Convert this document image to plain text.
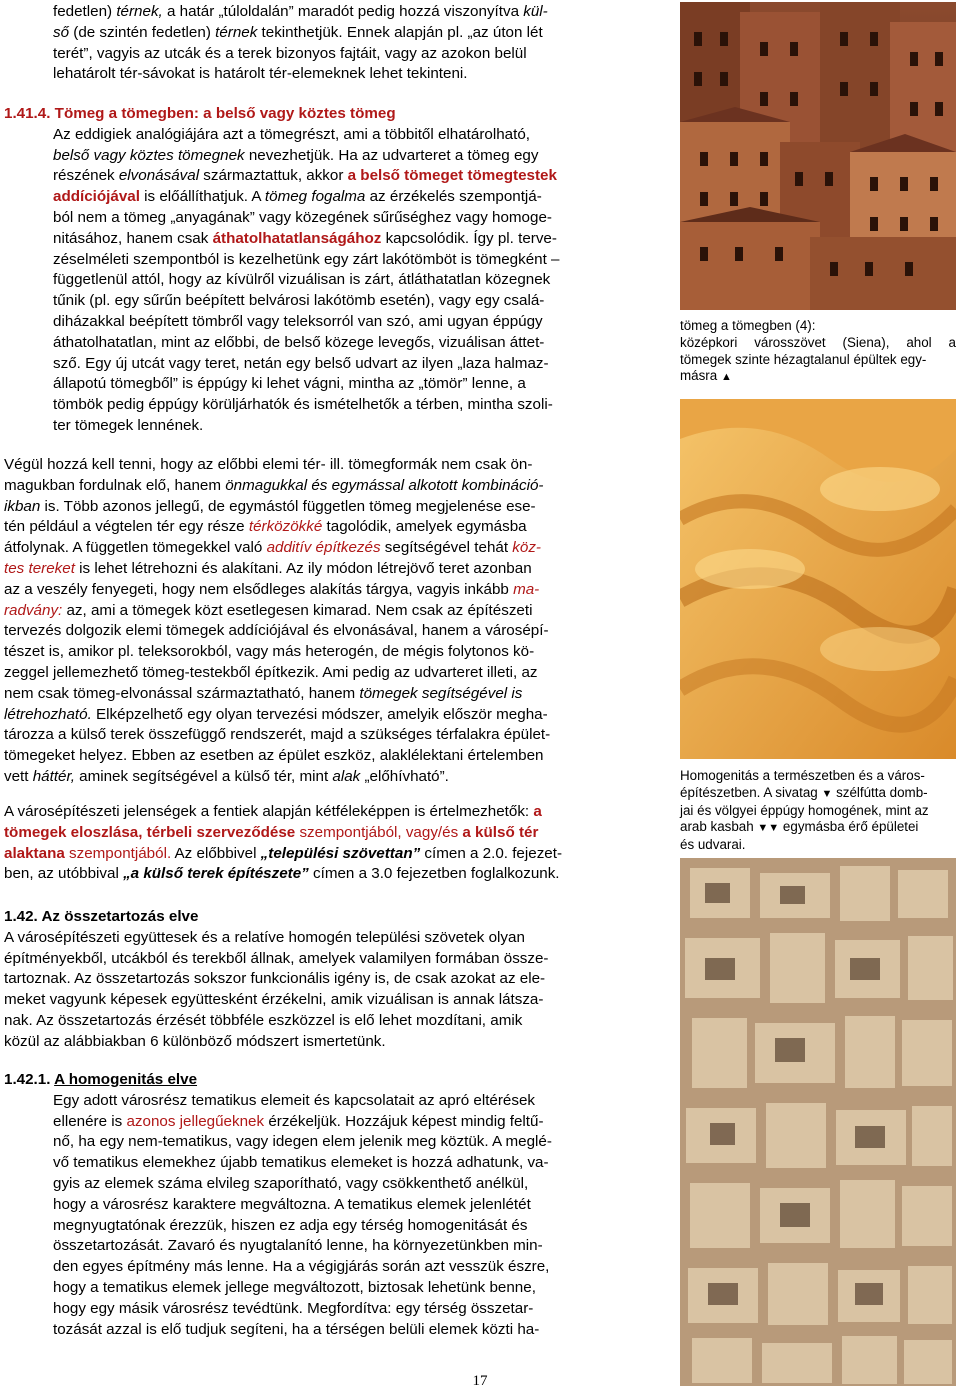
fedetlen) térnek, a határ „túloldalán” maradót pedig hozzá viszonyítva kül-

ső (de szintén fedetlen) térnek tekinthetjük. Ennek alapján pl. „az úton lét

terét”, vagyis az utcák és a terek bizonyos fajtáit, vagy az azokon belül

lehatárolt tér-sávokat is határolt tér-elemeknek lehet tekinteni.

1.41.4. Tömeg a tömegben: a belső vagy köztes tömeg

Az eddigiek analógiájára azt a tömegrészt, ami a többitől elhatárolható,

belső vagy köztes tömegnek nevezhetjük. Ha az udvarteret a tömeg egy

részének elvonásával származtattuk, akkor a belső tömeget tömegtestek

addíciójával is előállíthatjuk. A tömeg fogalma az érzékelés szempontjá-

ból nem a tömeg „anyagának” vagy közegének sűrűséghez vagy homoge-

nitásához, hanem csak áthatolhatatlanságához kapcsolódik. Így pl. terve-

zéselméleti szempontból is kezelhetünk egy zárt lakótömböt is tömegként –

függetlenül attól, hogy az kívülről vizuálisan is zárt, átláthatatlan közegnek

tűnik (pl. egy sűrűn beépített belvárosi lakótömb esetén), vagy egy csalá-

diházakkal beépített tömbről vagy teleksorról van szó, ami ugyan éppúgy

áthatolhatatlan, mint az előbbi, de belső közege levegős, vizuálisan áttet-

sző. Egy új utcát vagy teret, netán egy belső udvart az ilyen „laza halmaz-

állapotú tömegből” is éppúgy ki lehet vágni, mintha az „tömör” lenne, a

tömbök pedig éppúgy körüljárhatók és ismételhetők a térben, mintha szoli-

ter tömegek lennének.

Végül hozzá kell tenni, hogy az előbbi elemi tér- ill. tömegformák nem csak ön-

magukban fordulnak elő, hanem önmagukkal és egymással alkotott kombináció-

ikban is. Több azonos jellegű, de egymástól független tömeg megjelenése ese-

tén például a végtelen tér egy része térközökké tagolódik, amelyek egymásba

átfolynak. A független tömegekkel való additív építkezés segítségével tehát köz-

tes tereket is lehet létrehozni és alakítani. Az ily módon létrejövő teret azonban

az a veszély fenyegeti, hogy nem elsődleges alakítás tárgya, vagyis inkább ma-

radvány: az, ami a tömegek közt esetlegesen kimarad. Nem csak az építészeti

tervezés dolgozik elemi tömegek addíciójával és elvonásával, hanem a városépí-

tészet is, amikor pl. teleksorokból, vagy más heterogén, de mégis folytonos kö-

zeggel jellemezhető tömeg-testekből építkezik. Ami pedig az udvarteret illeti, az

nem csak tömeg-elvonással származtatható, hanem tömegek segítségével is

létrehozható. Elképzelhető egy olyan tervezési módszer, amelyik először megha-

tározza a külső terek összefüggő rendszerét, majd a szükséges térfalakra épület-

tömegeket helyez. Ebben az esetben az épület eszköz, alaklélektani értelemben

vett háttér, aminek segítségével a külső tér, mint alak „előhívható”.

A városépítészeti jelenségek a fentiek alapján kétféleképpen is értelmezhetők: a

tömegek eloszlása, térbeli szerveződése szempontjából, vagy/és a külső tér

alaktana szempontjából. Az előbbivel „települési szövettan” címen a 2.0. fejezet-

ben, az utóbbival „a külső terek építészete” címen a 3.0 fejezetben foglalkozunk.

1.42. Az összetartozás elve

A városépítészeti együttesek és a relatíve homogén települési szövetek olyan

építményekből, utcákból és terekből állnak, amelyek valamilyen formában össze-

tartoznak. Az összetartozás sokszor funkcionális igény is, de csak azokat az ele-

meket vagyunk képesek együttesként érzékelni, amik vizuálisan is annak látsza-

nak. Az összetartozás érzését többféle eszközzel is elő lehet mozdítani, amik

közül az alábbiakban 6 különböző módszert ismertetünk.

1.42.1. A homogenitás elve

Egy adott városrész tematikus elemeit és kapcsolatait az apró eltérések

ellenére is azonos jellegűeknek érzékeljük. Hozzájuk képest mindig feltű-

nő, ha egy nem-tematikus, vagy idegen elem jelenik meg köztük. A meglé-

vő tematikus elemekhez újabb tematikus elemeket is hozzá adhatunk, va-

gyis az elemek száma elvileg szaporítható, vagy csökkenthető anélkül,

hogy a városrész karaktere megváltozna. A tematikus elemek jelenlétét

megnyugtatónak érezzük, hiszen ez adja egy térség homogenitását és

összetartozását. Zavaró és nyugtalanító lenne, ha környezetünkben min-

den egyes építmény más lenne. Ha a végigjárás során azt vesszük észre,

hogy a tematikus elemek jellege megváltozott, biztosak lehetünk benne,

hogy egy másik városrész tevédtünk. Megfordítva: egy térség összetar-

tozását azzal is elő tudjuk segíteni, ha a térségen belüli elemek közti ha-

tömeg a tömegben (4):
középkori városszövet (Siena), ahol a tömegek szinte hézagtalanul épültek egy-
másra ▲
Homogenitás a természetben és a város-
építészetben. A sivatag ▼ szélfútta domb-
jai és völgyei éppúgy homogének, mint az
arab kasbah ▼▼ egymásba érő épületei
és udvarai.
17
